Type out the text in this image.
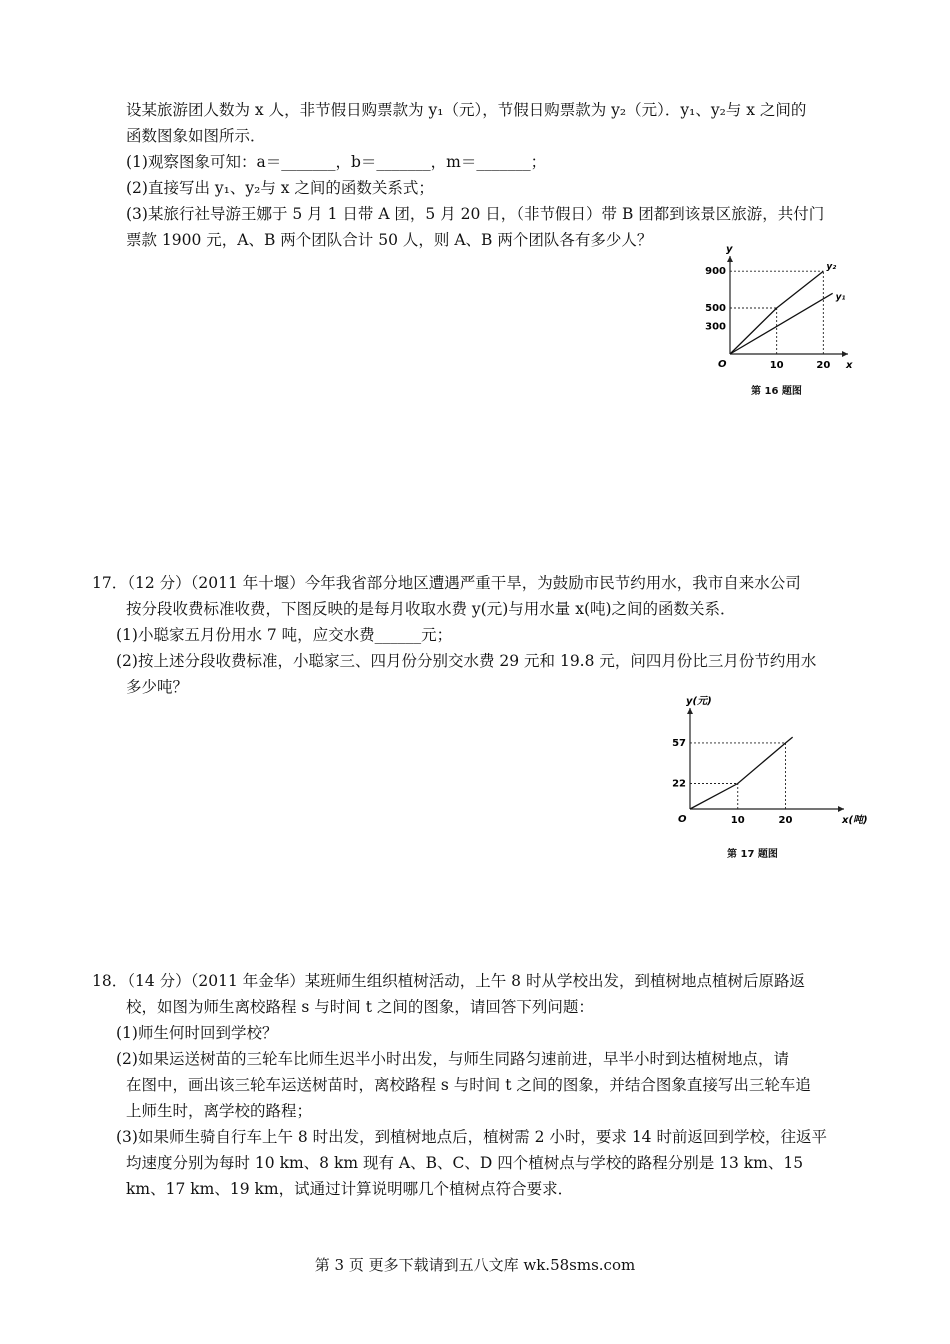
设某旅游团人数为 x 人，非节假日购票款为 y₁（元），节假日购票款为 y₂（元）．y₁、y₂与 x 之间的
函数图象如图所示．
(1)观察图象可知：a＝_______，b＝_______，m＝_______；
(2)直接写出 y₁、y₂与 x 之间的函数关系式；
(3)某旅行社导游王娜于 5 月 1 日带 A 团，5 月 20 日，（非节假日）带 B 团都到该景区旅游，共付门
票款 1900 元，A、B 两个团队合计 50 人，则 A、B 两个团队各有多少人？
x
y
O	10	20
300
500
900	y₂
y₁
第 16 题图
17．（12 分）（2011 年十堰）今年我省部分地区遭遇严重干旱，为鼓励市民节约用水，我市自来水公司
按分段收费标准收费，下图反映的是每月收取水费 y(元)与用水量 x(吨)之间的函数关系．
(1)小聪家五月份用水 7 吨，应交水费______元；
(2)按上述分段收费标准，小聪家三、四月份分别交水费 29 元和 19.8 元，问四月份比三月份节约用水
多少吨？
x(吨)
y(元)
O	10	20
22
57
第 17 题图
18．（14 分）（2011 年金华）某班师生组织植树活动，上午 8 时从学校出发，到植树地点植树后原路返
校，如图为师生离校路程 s 与时间 t 之间的图象，请回答下列问题：
(1)师生何时回到学校？
(2)如果运送树苗的三轮车比师生迟半小时出发，与师生同路匀速前进，早半小时到达植树地点，请
在图中，画出该三轮车运送树苗时，离校路程 s 与时间 t 之间的图象，并结合图象直接写出三轮车追
上师生时，离学校的路程；
(3)如果师生骑自行车上午 8 时出发，到植树地点后，植树需 2 小时，要求 14 时前返回到学校，往返平
均速度分别为每时 10 km、8 km 现有 A、B、C、D 四个植树点与学校的路程分别是 13 km、15
km、17 km、19 km，试通过计算说明哪几个植树点符合要求．
第 3 页 更多下载请到五八文库 wk.58sms.com
